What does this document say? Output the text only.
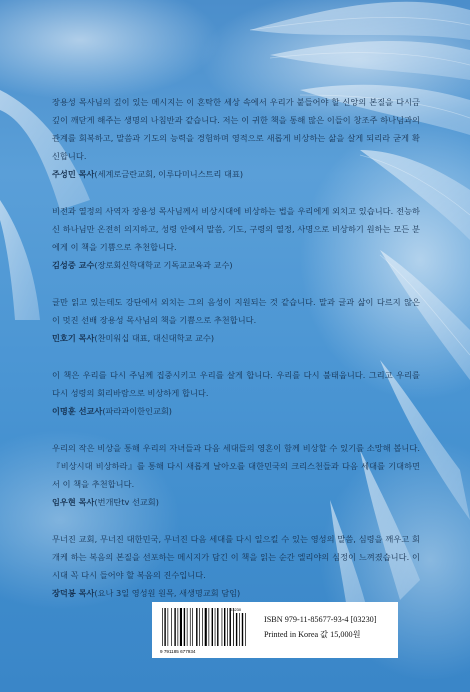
장용성 목사님의 깊이 있는 메시지는 이 혼탁한 세상 속에서 우리가 붙들어야 할 신앙의 본질을 다시금 깊이 깨닫게 해주는 생명의 나침반과 같습니다. 저는 이 귀한 책을 통해 많은 이들이 창조주 하나님과의 관계를 회복하고, 말씀과 기도의 능력을 경험하며 영적으로 새롭게 비상하는 삶을 살게 되리라 굳게 확신합니다.

주성민 목사(세계로금란교회, 이루다미니스트리 대표)

비전과 열정의 사역자 장용성 목사님께서 비상시대에 비상하는 법을 우리에게 외치고 있습니다. 전능하신 하나님만 온전히 의지하고, 성령 안에서 말씀, 기도, 구령의 열정, 사명으로 비상하기 원하는 모든 분에게 이 책을 기쁨으로 추천합니다.

김성중 교수(장로회신학대학교 기독교교육과 교수)

글만 읽고 있는데도 강단에서 외치는 그의 음성이 지원되는 것 같습니다. 말과 글과 삶이 다르지 않은 이 멋진 선배 장용성 목사님의 책을 기쁨으로 추천합니다.

민호기 목사(찬미워십 대표, 대신대학교 교수)

이 책은 우리를 다시 주님께 집중시키고 우리를 살게 합니다. 우리를 다시 불태웁니다. 그리고 우리를 다시 성령의 회리바람으로 비상하게 합니다.

이명훈 선교사(파라과이한인교회)

우리의 작은 비상을 통해 우리의 자녀들과 다음 세대들의 영혼이 함께 비상할 수 있기를 소망해 봅니다. 『비상시대 비상하라』를 통해 다시 새롭게 날아오를 대한민국의 크리스천들과 다음 세대를 기대하면서 이 책을 추천합니다.

임우현 목사(번개탄tv 선교회)

무너진 교회, 무너진 대한민국, 무너진 다음 세대를 다시 일으킬 수 있는 영성의 말씀, 심령을 깨우고 회개케 하는 복음의 본질을 선포하는 메시지가 담긴 이 책을 읽는 순간 엘리야의 심정이 느껴졌습니다. 이 시대 꼭 다시 들어야 할 복음의 진수입니다.

장덕봉 목사(요나 3일 영성원 원목, 새생명교회 담임)
03230
9 791185 677934
ISBN 979-11-85677-93-4 [03230]
Printed in Korea 값 15,000원
